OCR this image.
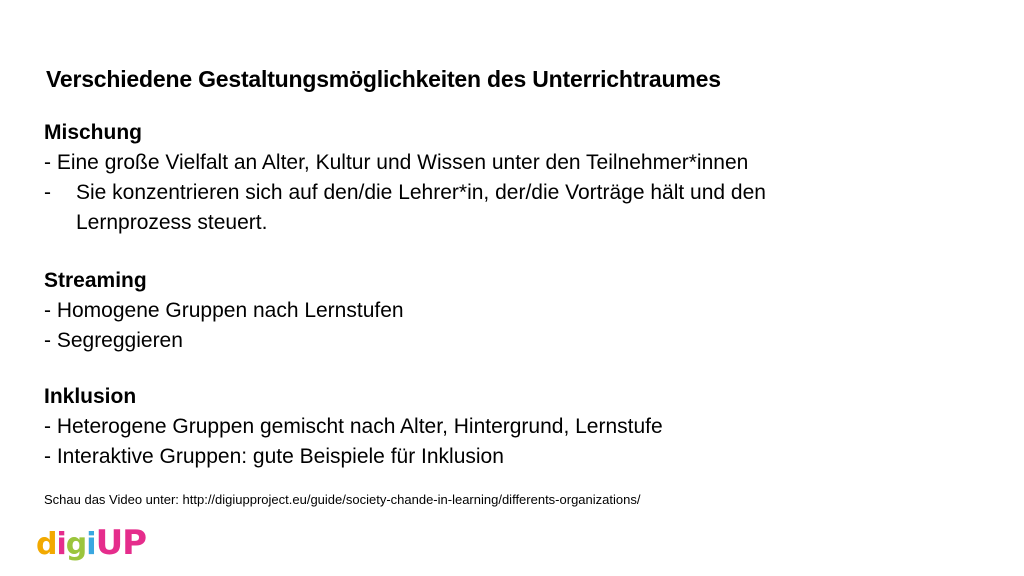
Verschiedene Gestaltungsmöglichkeiten des Unterrichtraumes
Mischung
- Eine große Vielfalt an Alter, Kultur und Wissen unter den Teilnehmer*innen
- Sie konzentrieren sich auf den/die Lehrer*in, der/die Vorträge hält und den
Lernprozess steuert.
Streaming
- Homogene Gruppen nach Lernstufen
- Segreggieren
Inklusion
- Heterogene Gruppen gemischt nach Alter, Hintergrund, Lernstufe
- Interaktive Gruppen: gute Beispiele für Inklusion
Schau das Video unter: http://digiupproject.eu/guide/society-chande-in-learning/differents-organizations/
digiUP
